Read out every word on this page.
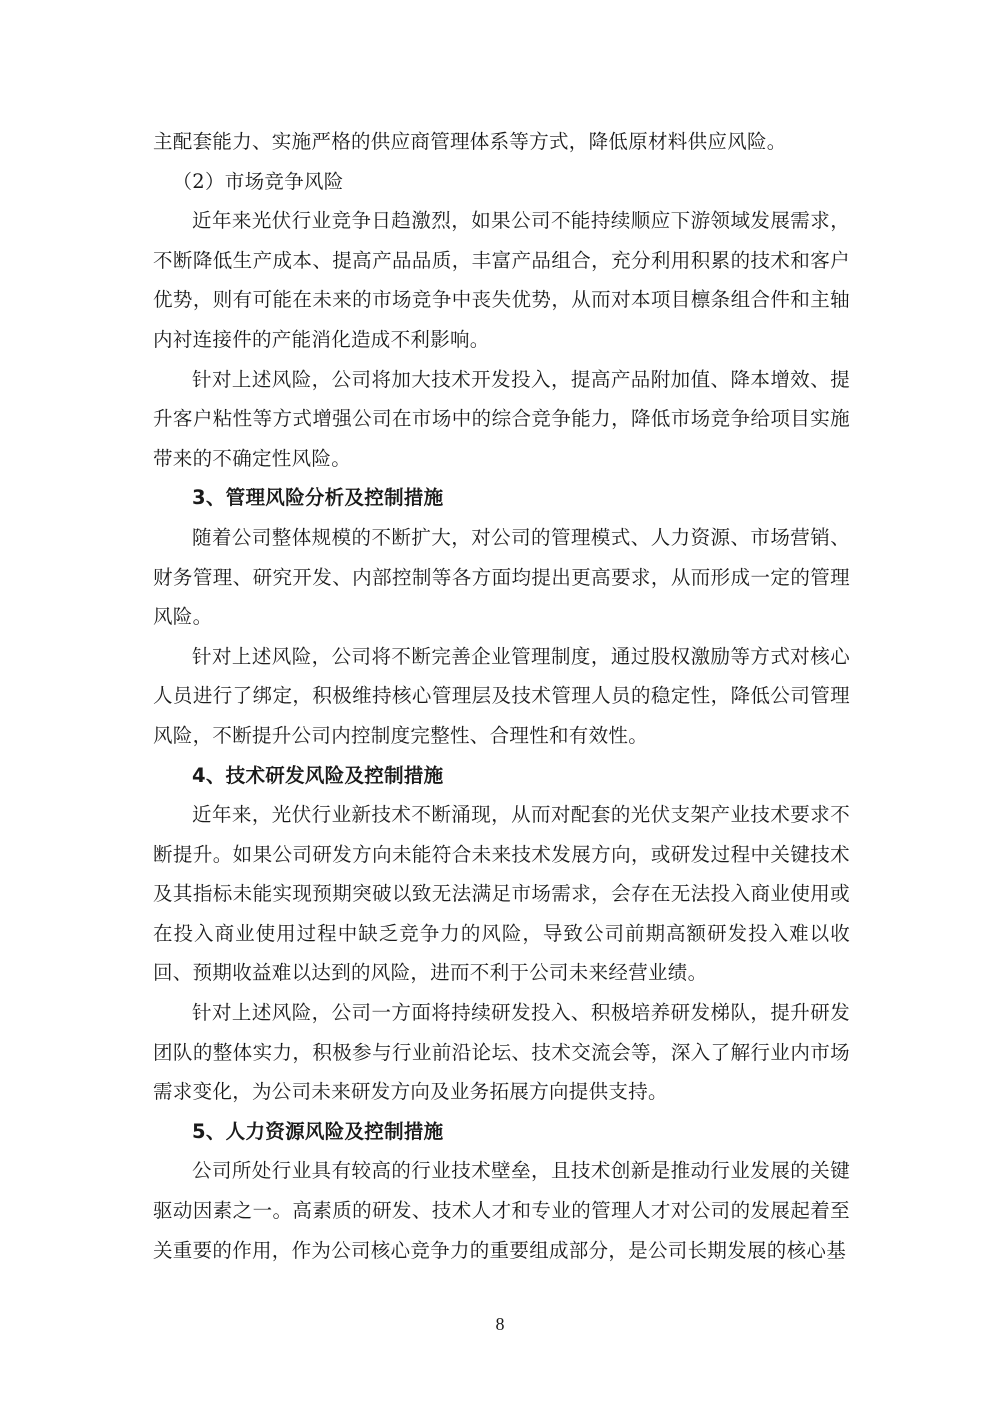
主配套能力、实施严格的供应商管理体系等方式，降低原材料供应风险。

（2）市场竞争风险

近年来光伏行业竞争日趋激烈，如果公司不能持续顺应下游领域发展需求，不断降低生产成本、提高产品品质，丰富产品组合，充分利用积累的技术和客户优势，则有可能在未来的市场竞争中丧失优势，从而对本项目檩条组合件和主轴内衬连接件的产能消化造成不利影响。

针对上述风险，公司将加大技术开发投入，提高产品附加值、降本增效、提升客户粘性等方式增强公司在市场中的综合竞争能力，降低市场竞争给项目实施带来的不确定性风险。

3、管理风险分析及控制措施

随着公司整体规模的不断扩大，对公司的管理模式、人力资源、市场营销、财务管理、研究开发、内部控制等各方面均提出更高要求，从而形成一定的管理风险。

针对上述风险，公司将不断完善企业管理制度，通过股权激励等方式对核心人员进行了绑定，积极维持核心管理层及技术管理人员的稳定性，降低公司管理风险，不断提升公司内控制度完整性、合理性和有效性。

4、技术研发风险及控制措施

近年来，光伏行业新技术不断涌现，从而对配套的光伏支架产业技术要求不断提升。如果公司研发方向未能符合未来技术发展方向，或研发过程中关键技术及其指标未能实现预期突破以致无法满足市场需求，会存在无法投入商业使用或在投入商业使用过程中缺乏竞争力的风险，导致公司前期高额研发投入难以收回、预期收益难以达到的风险，进而不利于公司未来经营业绩。

针对上述风险，公司一方面将持续研发投入、积极培养研发梯队，提升研发团队的整体实力，积极参与行业前沿论坛、技术交流会等，深入了解行业内市场需求变化，为公司未来研发方向及业务拓展方向提供支持。

5、人力资源风险及控制措施

公司所处行业具有较高的行业技术壁垒，且技术创新是推动行业发展的关键驱动因素之一。高素质的研发、技术人才和专业的管理人才对公司的发展起着至关重要的作用，作为公司核心竞争力的重要组成部分，是公司长期发展的核心基

8
